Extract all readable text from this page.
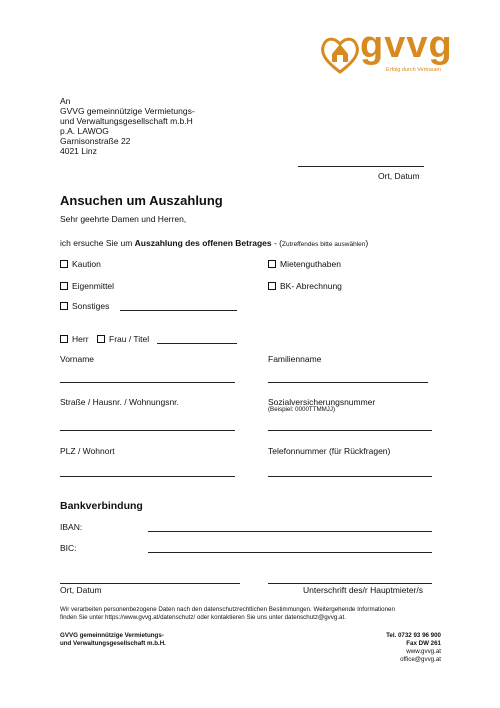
gvvg
Erfolg durch Vertrauen
An
GVVG gemeinnützige Vermietungs-
und Verwaltungsgesellschaft m.b.H
p.A. LAWOG
Garnisonstraße 22
4021 Linz
Ort, Datum
Ansuchen um Auszahlung
Sehr geehrte Damen und Herren,
ich ersuche Sie um Auszahlung des offenen Betrages - (Zutreffendes bitte auswählen)
Kaution	Mietenguthaben
Eigenmittel	BK- Abrechnung
Sonstiges
Herr	Frau / Titel
Vorname	Familienname
Straße / Hausnr. / Wohnungsnr.	Sozialversicherungsnummer
(Beispiel: 0000TTMMJJ)
PLZ / Wohnort	Telefonnummer (für Rückfragen)
Bankverbindung
IBAN:
BIC:
Ort, Datum	Unterschrift des/r Hauptmieter/s
Wir verarbeiten personenbezogene Daten nach den datenschutzrechtlichen Bestimmungen. Weitergehende Informationen
finden Sie unter https://www.gvvg.at/datenschutz/ oder kontaktieren Sie uns unter datenschutz@gvvg.at.
GVVG gemeinnützige Vermietungs-
und Verwaltungsgesellschaft m.b.H.
Tel. 0732 93 96 900
Fax DW 261
www.gvvg.at
office@gvvg.at
